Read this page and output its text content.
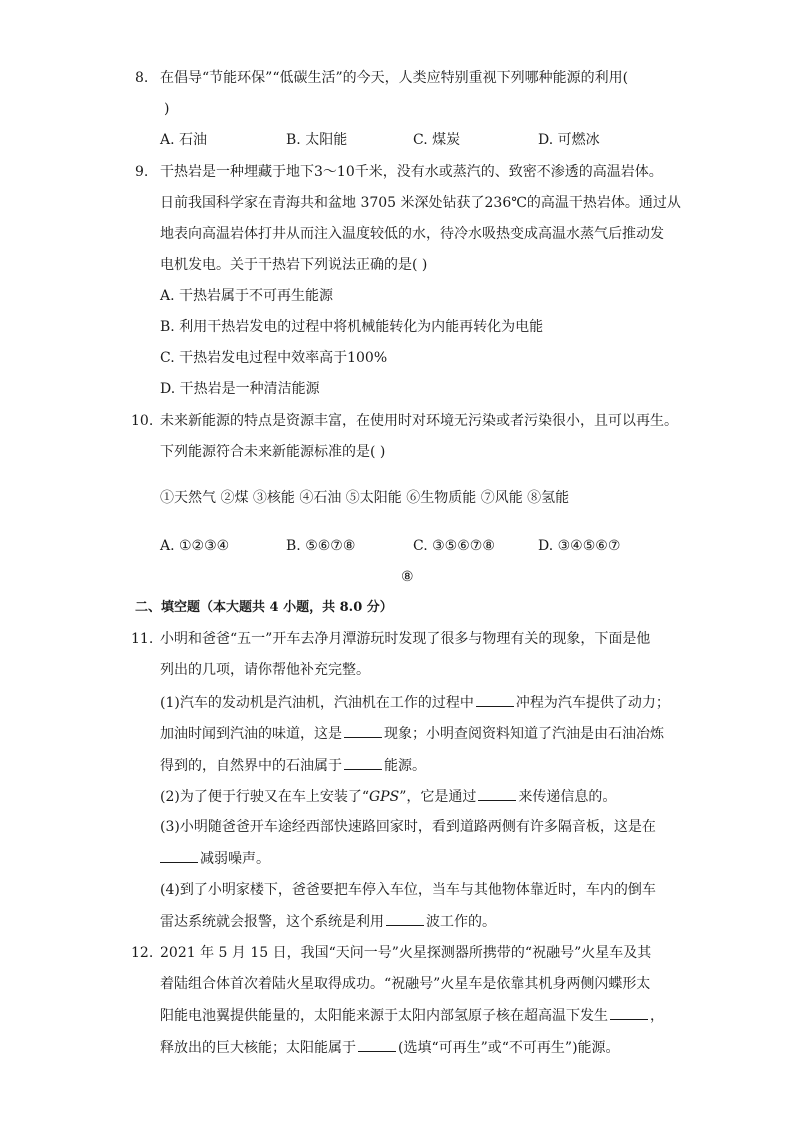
8. 在倡导“节能环保”“低碳生活”的今天，人类应特别重视下列哪种能源的利用(
)
A. 石油	B. 太阳能	C. 煤炭	D. 可燃冰
9. 干热岩是一种埋藏于地下3～10千米，没有水或蒸汽的、致密不渗透的高温岩体。
日前我国科学家在青海共和盆地 3705 米深处钻获了236℃的高温干热岩体。通过从
地表向高温岩体打井从而注入温度较低的水，待冷水吸热变成高温水蒸气后推动发
电机发电。关于干热岩下列说法正确的是( )
A. 干热岩属于不可再生能源
B. 利用干热岩发电的过程中将机械能转化为内能再转化为电能
C. 干热岩发电过程中效率高于100%
D. 干热岩是一种清洁能源
10. 未来新能源的特点是资源丰富，在使用时对环境无污染或者污染很小，且可以再生。
下列能源符合未来新能源标准的是( )
①天然气 ②煤 ③核能 ④石油 ⑤太阳能 ⑥生物质能 ⑦风能 ⑧氢能
A. ①②③④	B. ⑤⑥⑦⑧	C. ③⑤⑥⑦⑧	D. ③④⑤⑥⑦
⑧
二、填空题（本大题共 4 小题，共 8.0 分）
11. 小明和爸爸“五一”开车去净月潭游玩时发现了很多与物理有关的现象，下面是他
列出的几项，请你帮他补充完整。
(1)汽车的发动机是汽油机，汽油机在工作的过程中	冲程为汽车提供了动力；
加油时闻到汽油的味道，这是	现象；小明查阅资料知道了汽油是由石油冶炼
得到的，自然界中的石油属于	能源。
(2)为了便于行驶又在车上安装了“GPS”，它是通过	来传递信息的。
(3)小明随爸爸开车途经西部快速路回家时，看到道路两侧有许多隔音板，这是在
减弱噪声。
(4)到了小明家楼下，爸爸要把车停入车位，当车与其他物体靠近时，车内的倒车
雷达系统就会报警，这个系统是利用	波工作的。
12. 2021 年 5 月 15 日，我国“天问一号”火星探测器所携带的“祝融号”火星车及其
着陆组合体首次着陆火星取得成功。“祝融号”火星车是依靠其机身两侧闪蝶形太
阳能电池翼提供能量的，太阳能来源于太阳内部氢原子核在超高温下发生	，
释放出的巨大核能；太阳能属于	(选填“可再生”或“不可再生”)能源。
